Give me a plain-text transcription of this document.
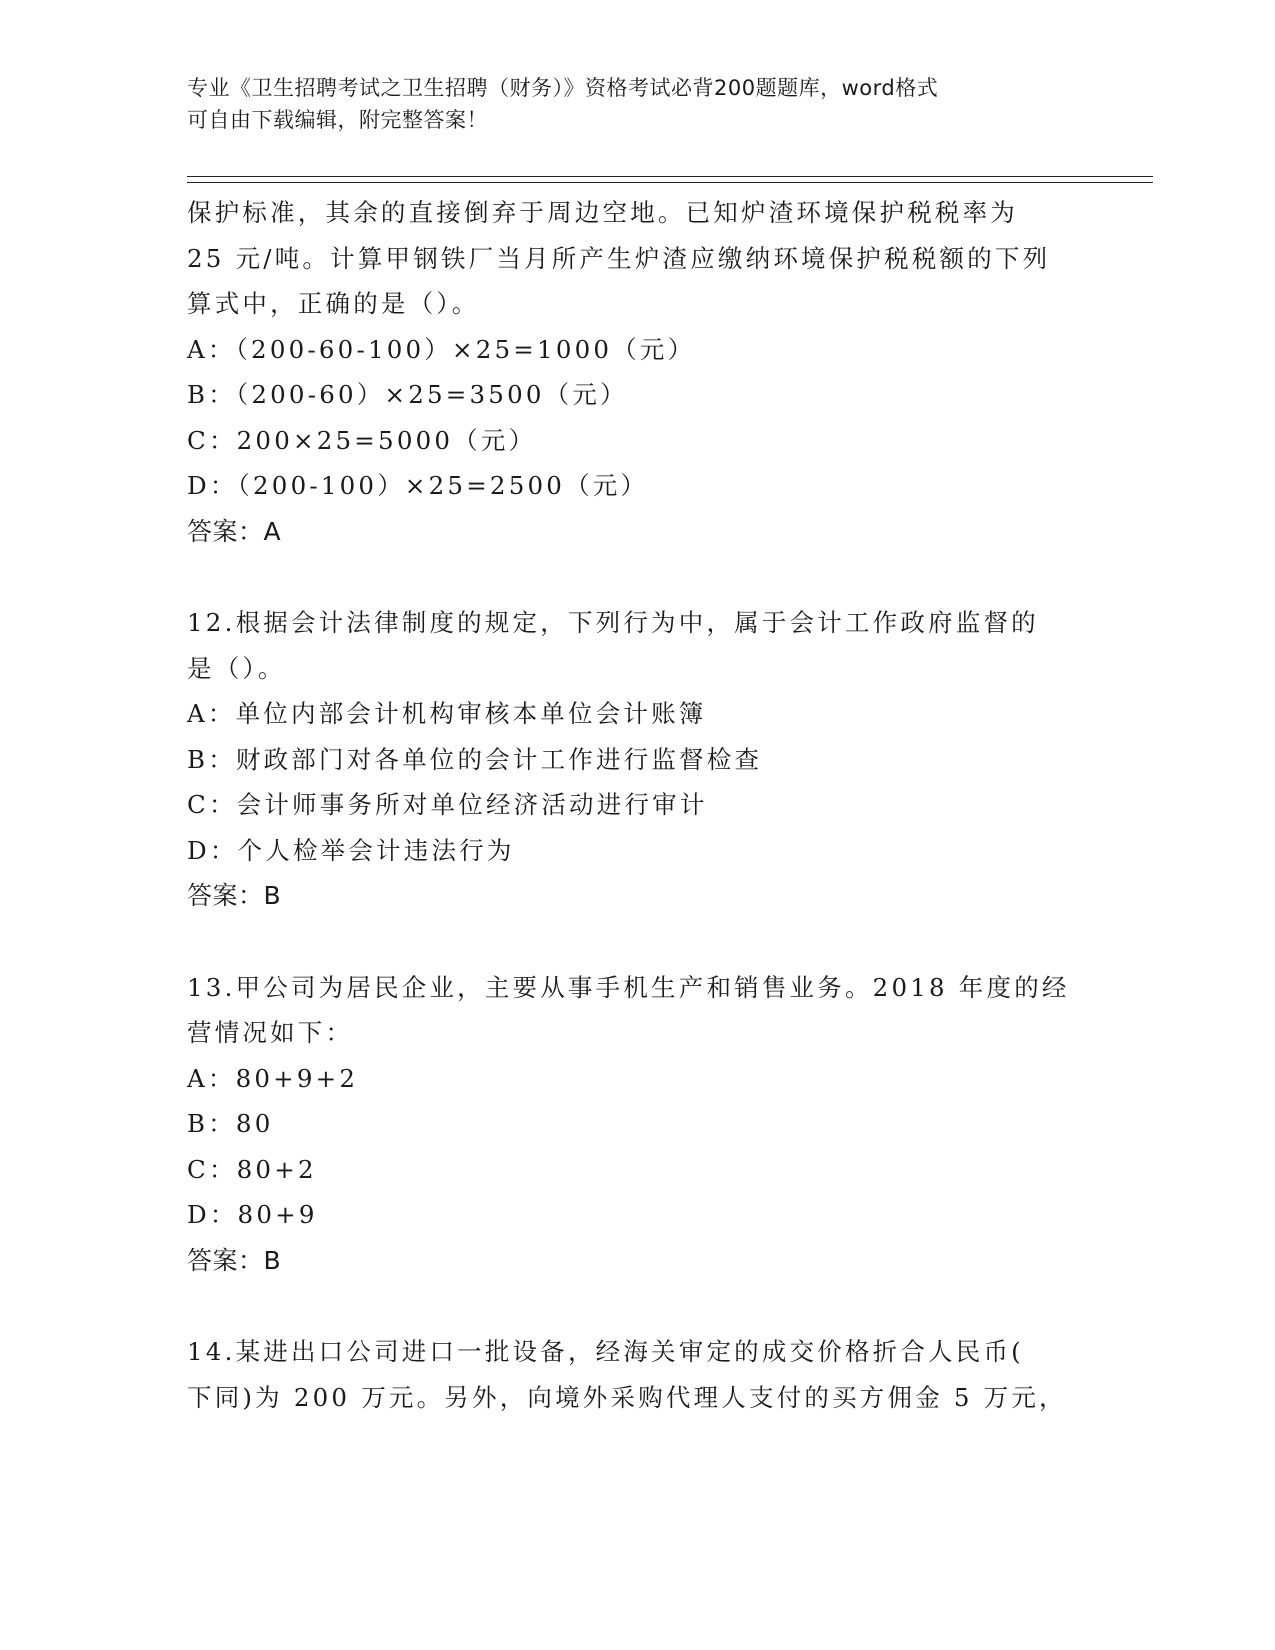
专业《卫生招聘考试之卫生招聘（财务）》资格考试必背200题题库，word格式
可自由下载编辑，附完整答案！
保护标准，其余的直接倒弃于周边空地。已知炉渣环境保护税税率为
25 元/吨。计算甲钢铁厂当月所产生炉渣应缴纳环境保护税税额的下列
算式中，正确的是（）。
A：（200-60-100）×25=1000（元）
B：（200-60）×25=3500（元）
C：200×25=5000（元）
D：（200-100）×25=2500（元）
答案：A
12.根据会计法律制度的规定，下列行为中，属于会计工作政府监督的
是（）。
A：单位内部会计机构审核本单位会计账簿
B：财政部门对各单位的会计工作进行监督检查
C：会计师事务所对单位经济活动进行审计
D：个人检举会计违法行为
答案：B
13.甲公司为居民企业，主要从事手机生产和销售业务。2018 年度的经
营情况如下：
A：80+9+2
B：80
C：80+2
D：80+9
答案：B
14.某进出口公司进口一批设备，经海关审定的成交价格折合人民币(
下同)为 200 万元。另外，向境外采购代理人支付的买方佣金 5 万元，
